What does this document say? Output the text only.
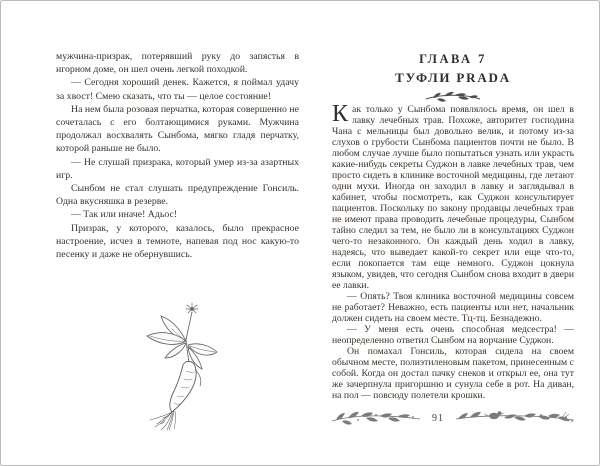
мужчина-призрак, потерявший руку до запястья в игорном доме, он шел очень легкой походкой.

— Сегодня хороший денек. Кажется, я поймал удачу за хвост! Смею сказать, что ты — целое состояние!

На нем была розовая перчатка, которая совершенно не сочеталась с его болтающимися руками. Мужчина продолжал восхвалять Сынбома, мягко гладя перчатку, которой раньше не было.

— Не слушай призрака, который умер из-за азартных игр.

Сынбом не стал слушать предупреждение Гонсиль. Одна вкусняшка в резерве.

— Так или иначе! Адьос!

Призрак, у которого, казалось, было прекрасное настроение, исчез в темноте, напевая под нос какую-то песенку и даже не обернувшись.

ГЛАВА 7
ТУФЛИ PRADA

Как только у Сынбома появлялось время, он шел в лавку лечебных трав. Похоже, авторитет господина Чана с мельницы был довольно велик, и потому из-за слухов о грубости Сынбома пациентов почти не было. В любом случае лучше было попытаться узнать или украсть какие-нибудь секреты Суджон в лавке лечебных трав, чем просто сидеть в клинике восточной медицины, где летают одни мухи. Иногда он заходил в лавку и заглядывал в кабинет, чтобы посмотреть, как Суджон консультирует пациентов. Поскольку по закону продавцы лечебных трав не имеют права проводить лечебные процедуры, Сынбом тайно следил за тем, не было ли в консультациях Суджон чего-то незаконного. Он каждый день ходил в лавку, надеясь, что выведает какой-то секрет или еще что-то, если покопается там еще немного. Суджон цокнула языком, увидев, что сегодня Сынбом снова входит в двери ее лавки.

— Опять? Твоя клиника восточной медицины совсем не работает? Неважно, есть пациенты или нет, начальник должен сидеть на своем месте. Тц-тц. Безнадежно.

— У меня есть очень способная медсестра! — неопределенно ответил Сынбом на ворчание Суджон.

Он помахал Гонсиль, которая сидела на своем обычном месте, полиэтиленовым пакетом, принесенным с собой. Когда он достал пачку снеков и открыл ее, она тут же зачерпнула пригоршню и сунула себе в рот. На диван, на пол — повсюду полетели крошки.

91
